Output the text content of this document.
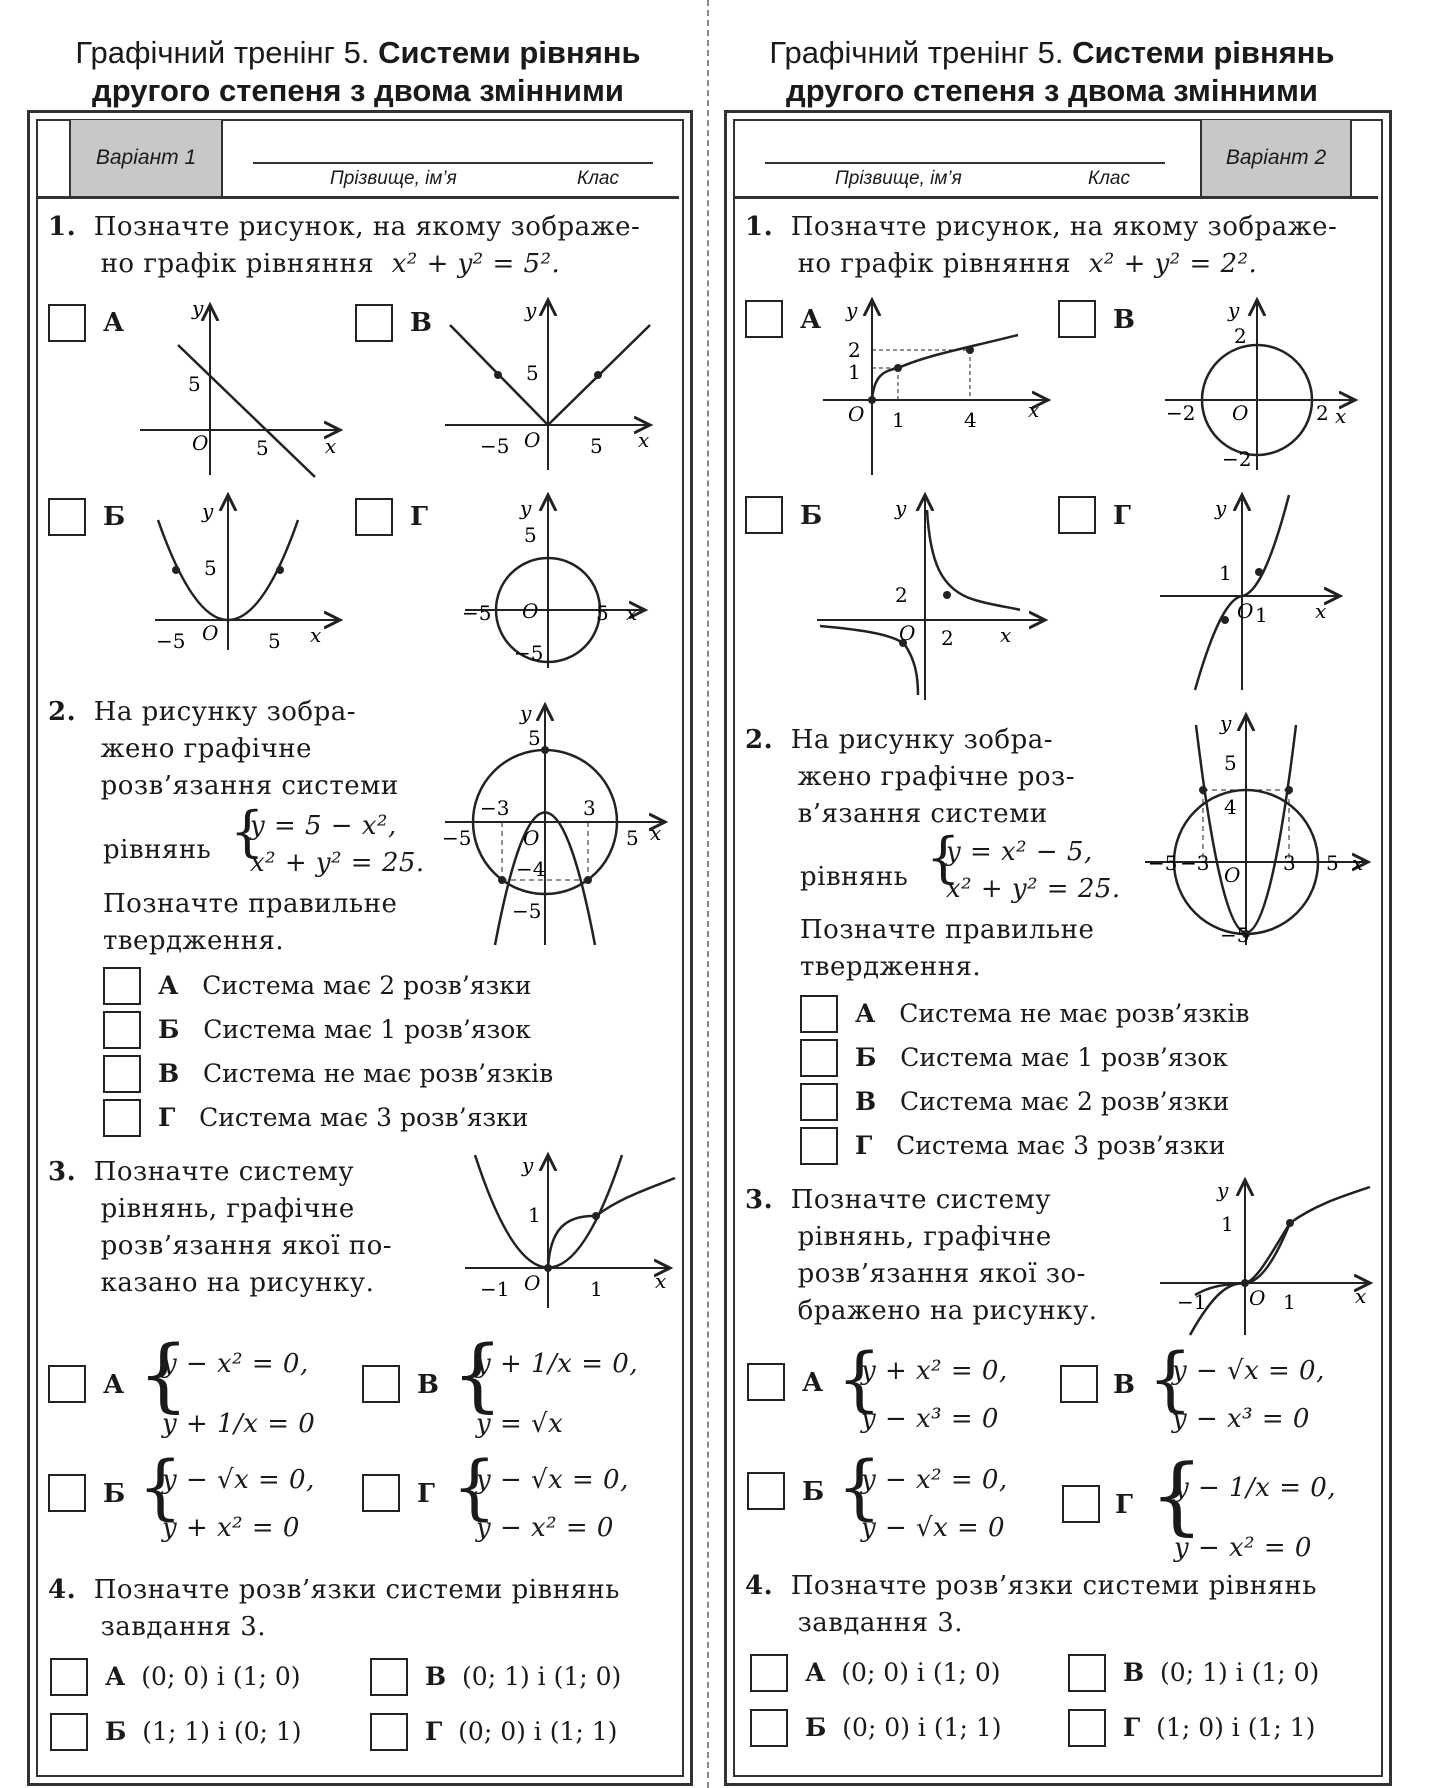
Графічний тренінг 5. Системи рівнянь
другого степеня з двома змінними
Варіант 1
Прізвище, ім’я	Клас
1. Позначте рисунок, на якому зображе-
но графік рівняння x² + y² = 5².
А	В
Б	Г
y
x
O
5
5
y
x
O
5
−5	5
y
x
O
5
−5	5
y
x
O
5
−5	5
−5
2. На рисунку зобра-
жено графічне
розв’язання системи
рівнянь {
y = 5 − x²,
x² + y² = 25.
Позначте правильне
твердження.
y
x
O
5
−5	5
−3	3
−4
−5
А Система має 2 розв’язки
Б Система має 1 розв’язок
В Система не має розв’язків
Г Система має 3 розв’язки
3. Позначте систему
рівнянь, графічне
розв’язання якої по-
казано на рисунку.
y
x
O
1
−1	1
А {
y − x² = 0,
y + 1/x = 0
В {
y + 1/x = 0,
y = √x
Б {
y − √x = 0,
y + x² = 0
Г {
y − √x = 0,
y − x² = 0
4. Позначте розв’язки системи рівнянь
завдання 3.
А (0; 0) і (1; 0)	В (0; 1) і (1; 0)
Б (1; 1) і (0; 1)	Г (0; 0) і (1; 1)
Графічний тренінг 5. Системи рівнянь
другого степеня з двома змінними
Варіант 2
Прізвище, ім’я	Клас
1. Позначте рисунок, на якому зображе-
но графік рівняння x² + y² = 2².
А	В
Б	Г
y
x
O
2
1
1	4
y
x
O
2
−2	2
−2
y
x
O
2
2
y
x
O
1
1
2. На рисунку зобра-
жено графічне роз-
в’язання системи
рівнянь {
y = x² − 5,
x² + y² = 25.
Позначте правильне
твердження.
y
x
O
5
4
−5 −3	3 5
−5
А Система не має розв’язків
Б Система має 1 розв’язок
В Система має 2 розв’язки
Г Система має 3 розв’язки
3. Позначте систему
рівнянь, графічне
розв’язання якої зо-
бражено на рисунку.
y
x
O
1
−1	1
А {
y + x² = 0,
y − x³ = 0
В {
y − √x = 0,
y − x³ = 0
Б {
y − x² = 0,
y − √x = 0
Г {
y − 1/x = 0,
y − x² = 0
4. Позначте розв’язки системи рівнянь
завдання 3.
А (0; 0) і (1; 0)	В (0; 1) і (1; 0)
Б (0; 0) і (1; 1)	Г (1; 0) і (1; 1)
